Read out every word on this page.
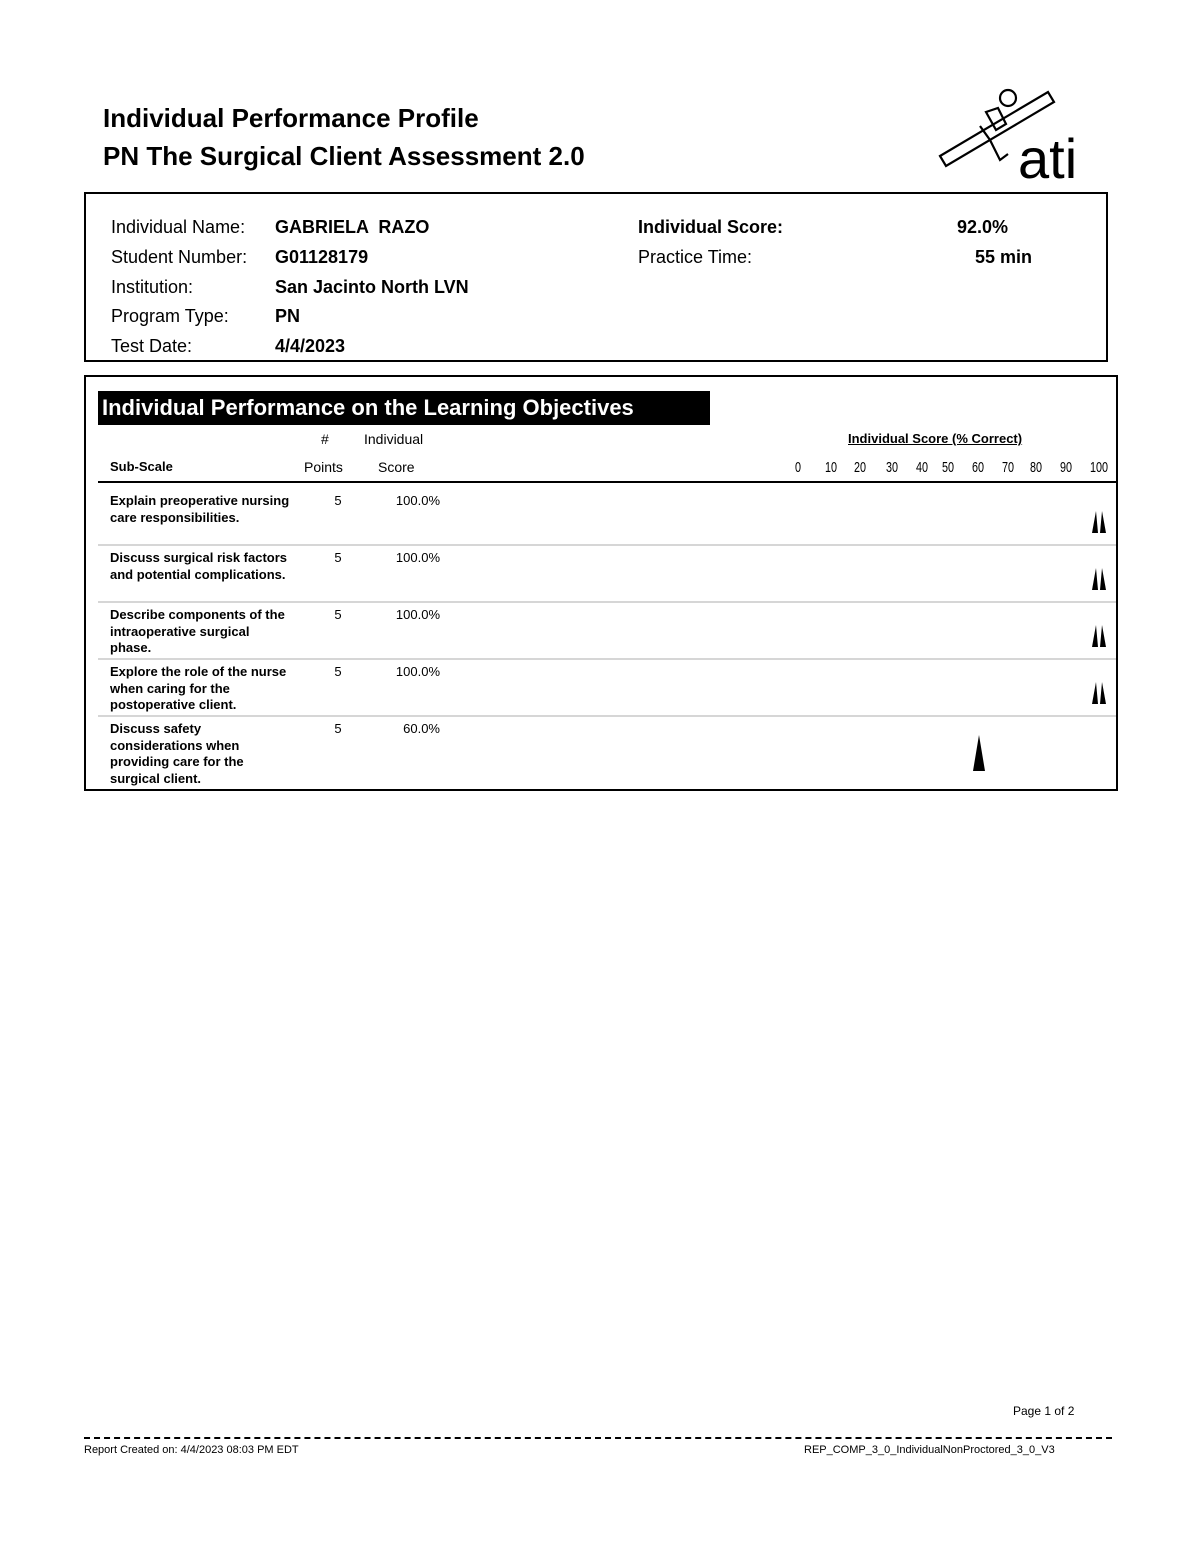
Individual Performance Profile
PN The Surgical Client Assessment 2.0	ati
Individual Name: GABRIELA  RAZO	Individual Score:	92.0%
Student Number: G01128179	Practice Time:	55 min
Institution:	San Jacinto North LVN
Program Type:	PN
Test Date:	4/4/2023
Individual Performance on the Learning Objectives
#	Individual
Sub-Scale	Points	Score
Individual Score (% Correct)
0	10	20	30	40 50	60	70	80	90	100
Explain preoperative nursing care responsibilities.
5	100.0%
Discuss surgical risk factors and potential complications.
5	100.0%
Describe components of the intraoperative surgical phase.
5	100.0%
Explore the role of the nurse when caring for the postoperative client.
5	100.0%
Discuss safety considerations when providing care for the surgical client.
5	60.0%
Page 1 of 2
Report Created on: 4/4/2023 08:03 PM EDT	REP_COMP_3_0_IndividualNonProctored_3_0_V3
